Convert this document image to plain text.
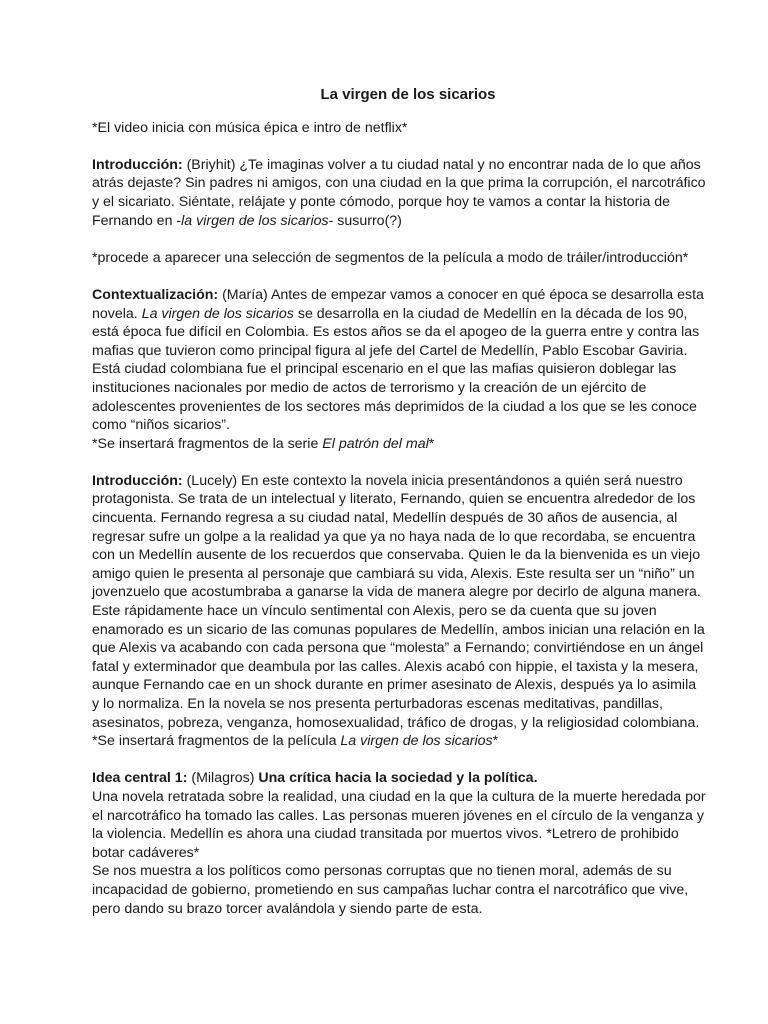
La virgen de los sicarios

*El video inicia con música épica e intro de netflix*

Introducción: (Briyhit) ¿Te imaginas volver a tu ciudad natal y no encontrar nada de lo que años atrás dejaste? Sin padres ni amigos, con una ciudad en la que prima la corrupción, el narcotráfico y el sicariato. Siéntate, relájate y ponte cómodo, porque hoy te vamos a contar la historia de Fernando en -la virgen de los sicarios- susurro(?)

*procede a aparecer una selección de segmentos de la película a modo de tráiler/introducción*

Contextualización: (María) Antes de empezar vamos a conocer en qué época se desarrolla esta novela. La virgen de los sicarios se desarrolla en la ciudad de Medellín en la década de los 90, está época fue difícil en Colombia. Es estos años se da el apogeo de la guerra entre y contra las mafias que tuvieron como principal figura al jefe del Cartel de Medellín, Pablo Escobar Gaviria. Está ciudad colombiana fue el principal escenario en el que las mafias quisieron doblegar las instituciones nacionales por medio de actos de terrorismo y la creación de un ejército de adolescentes provenientes de los sectores más deprimidos de la ciudad a los que se les conoce como “niños sicarios”.

*Se insertará fragmentos de la serie El patrón del mal*

Introducción: (Lucely) En este contexto la novela inicia presentándonos a quién será nuestro protagonista. Se trata de un intelectual y literato, Fernando, quien se encuentra alrededor de los cincuenta. Fernando regresa a su ciudad natal, Medellín después de 30 años de ausencia, al regresar sufre un golpe a la realidad ya que ya no haya nada de lo que recordaba, se encuentra con un Medellín ausente de los recuerdos que conservaba. Quien le da la bienvenida es un viejo amigo quien le presenta al personaje que cambiará su vida, Alexis. Este resulta ser un “niño” un jovenzuelo que acostumbraba a ganarse la vida de manera alegre por decirlo de alguna manera. Este rápidamente hace un vínculo sentimental con Alexis, pero se da cuenta que su joven enamorado es un sicario de las comunas populares de Medellín, ambos inician una relación en la que Alexis va acabando con cada persona que “molesta” a Fernando; convirtiéndose en un ángel fatal y exterminador que deambula por las calles. Alexis acabó con hippie, el taxista y la mesera, aunque Fernando cae en un shock durante en primer asesinato de Alexis, después ya lo asimila y lo normaliza. En la novela se nos presenta perturbadoras escenas meditativas, pandillas, asesinatos, pobreza, venganza, homosexualidad, tráfico de drogas, y la religiosidad colombiana.

*Se insertará fragmentos de la película La virgen de los sicarios*

Idea central 1: (Milagros) Una crítica hacia la sociedad y la política.

Una novela retratada sobre la realidad, una ciudad en la que la cultura de la muerte heredada por el narcotráfico ha tomado las calles. Las personas mueren jóvenes en el círculo de la venganza y la violencia. Medellín es ahora una ciudad transitada por muertos vivos. *Letrero de prohibido botar cadáveres*

Se nos muestra a los políticos como personas corruptas que no tienen moral, además de su incapacidad de gobierno, prometiendo en sus campañas luchar contra el narcotráfico que vive, pero dando su brazo torcer avalándola y siendo parte de esta.
